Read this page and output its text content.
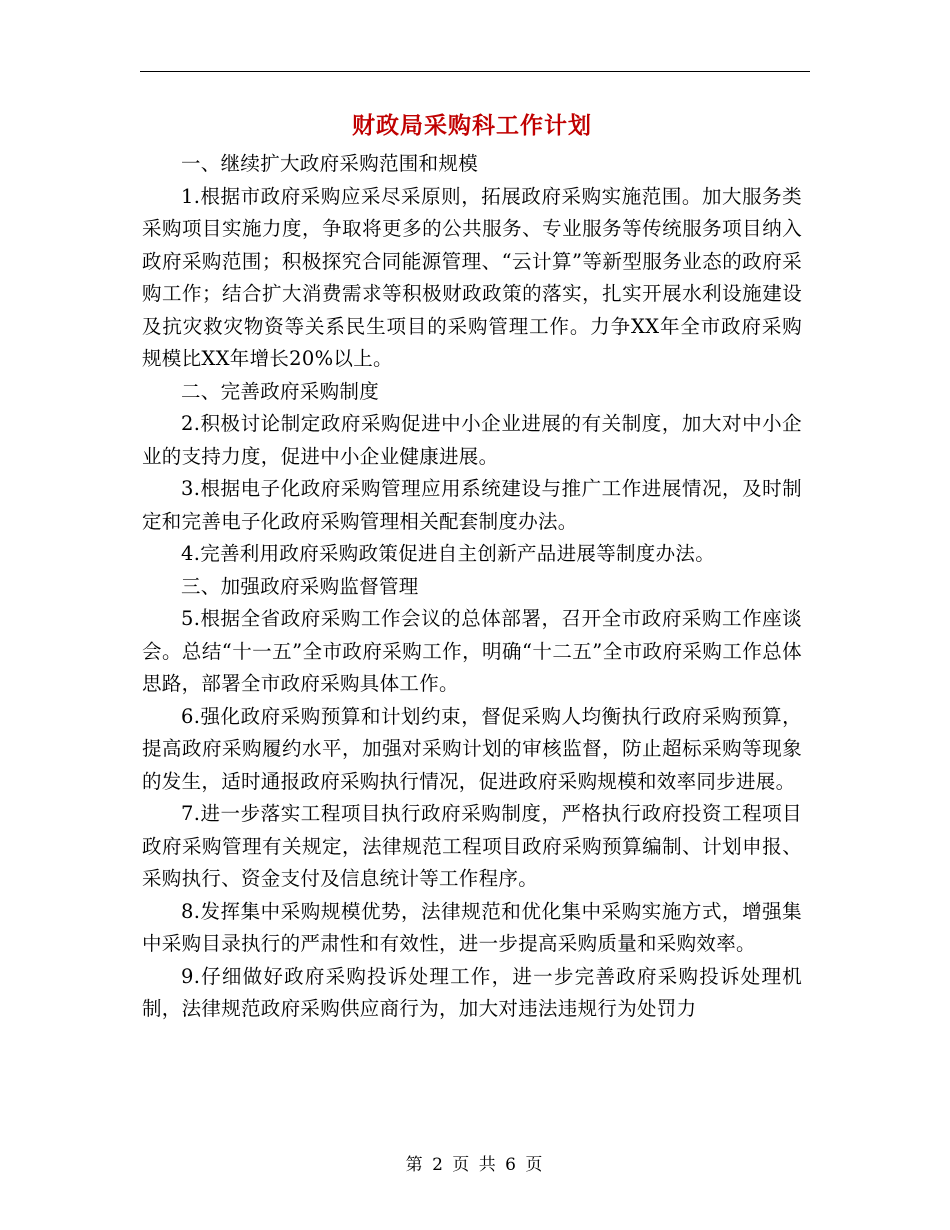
财政局采购科工作计划

一、继续扩大政府采购范围和规模

1.根据市政府采购应采尽采原则，拓展政府采购实施范围。加大服务类采购项目实施力度，争取将更多的公共服务、专业服务等传统服务项目纳入政府采购范围；积极探究合同能源管理、“云计算”等新型服务业态的政府采购工作；结合扩大消费需求等积极财政政策的落实，扎实开展水利设施建设及抗灾救灾物资等关系民生项目的采购管理工作。力争XX年全市政府采购规模比XX年增长20%以上。

二、完善政府采购制度

2.积极讨论制定政府采购促进中小企业进展的有关制度，加大对中小企业的支持力度，促进中小企业健康进展。

3.根据电子化政府采购管理应用系统建设与推广工作进展情况，及时制定和完善电子化政府采购管理相关配套制度办法。

4.完善利用政府采购政策促进自主创新产品进展等制度办法。

三、加强政府采购监督管理

5.根据全省政府采购工作会议的总体部署，召开全市政府采购工作座谈会。总结“十一五”全市政府采购工作，明确“十二五”全市政府采购工作总体思路，部署全市政府采购具体工作。

6.强化政府采购预算和计划约束，督促采购人均衡执行政府采购预算，提高政府采购履约水平，加强对采购计划的审核监督，防止超标采购等现象的发生，适时通报政府采购执行情况，促进政府采购规模和效率同步进展。

7.进一步落实工程项目执行政府采购制度，严格执行政府投资工程项目政府采购管理有关规定，法律规范工程项目政府采购预算编制、计划申报、采购执行、资金支付及信息统计等工作程序。

8.发挥集中采购规模优势，法律规范和优化集中采购实施方式，增强集中采购目录执行的严肃性和有效性，进一步提高采购质量和采购效率。

9.仔细做好政府采购投诉处理工作，进一步完善政府采购投诉处理机制，法律规范政府采购供应商行为，加大对违法违规行为处罚力

第 2 页 共 6 页
